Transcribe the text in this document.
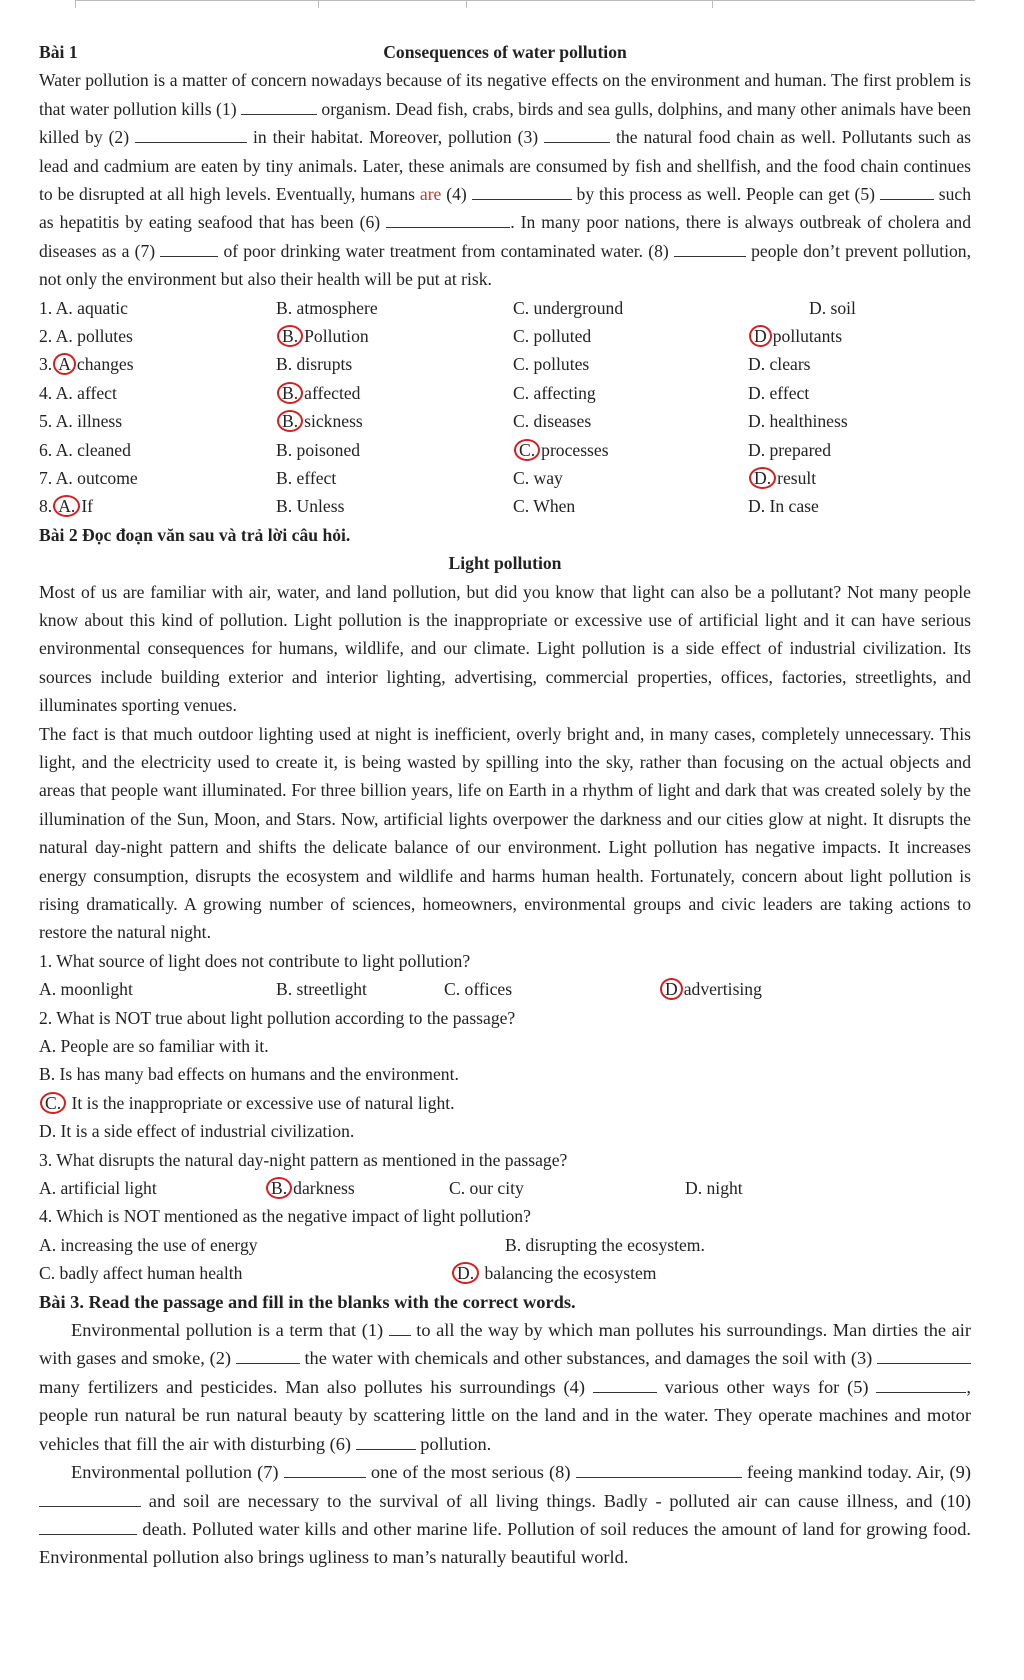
Consequences of water pollution
Bài 1
Water pollution is a matter of concern nowadays because of its negative effects on the environment and human. The first problem is that water pollution kills (1)	organism. Dead fish, crabs, birds and sea gulls, dolphins, and many other animals have been killed by (2)	in their habitat. Moreover, pollution (3)	the natural food chain as well. Pollutants such as lead and cadmium are eaten by tiny animals. Later, these animals are consumed by fish and shellfish, and the food chain continues to be disrupted at all high levels. Eventually, humans are (4)	by this process as well. People can get (5)	such as hepatitis by eating seafood that has been (6)	. In many poor nations, there is always outbreak of cholera and diseases as a (7)	of poor drinking water treatment from contaminated water. (8)	people don’t prevent pollution, not only the environment but also their health will be put at risk.
1. A. aquatic	B. atmosphere	C. underground	D. soil
2. A. pollutes	B. Pollution	C. polluted	D pollutants
3. A changes	B. disrupts	C. pollutes	D. clears
4. A. affect	B. affected	C. affecting	D. effect
5. A. illness	B. sickness	C. diseases	D. healthiness
6. A. cleaned	B. poisoned	C. processes	D. prepared
7. A. outcome	B. effect	C. way	D. result
8. A. If	B. Unless	C. When	D. In case
Bài 2 Đọc đoạn văn sau và trả lời câu hỏi.
Light pollution
Most of us are familiar with air, water, and land pollution, but did you know that light can also be a pollutant? Not many people know about this kind of pollution. Light pollution is the inappropriate or excessive use of artificial light and it can have serious environmental consequences for humans, wildlife, and our climate. Light pollution is a side effect of industrial civilization. Its sources include building exterior and interior lighting, advertising, commercial properties, offices, factories, streetlights, and illuminates sporting venues.
The fact is that much outdoor lighting used at night is inefficient, overly bright and, in many cases, completely unnecessary. This light, and the electricity used to create it, is being wasted by spilling into the sky, rather than focusing on the actual objects and areas that people want illuminated. For three billion years, life on Earth in a rhythm of light and dark that was created solely by the illumination of the Sun, Moon, and Stars. Now, artificial lights overpower the darkness and our cities glow at night. It disrupts the natural day-night pattern and shifts the delicate balance of our environment. Light pollution has negative impacts. It increases energy consumption, disrupts the ecosystem and wildlife and harms human health. Fortunately, concern about light pollution is rising dramatically. A growing number of sciences, homeowners, environmental groups and civic leaders are taking actions to restore the natural night.
1. What source of light does not contribute to light pollution?
A. moonlight	B. streetlight	C. offices	D advertising
2. What is NOT true about light pollution according to the passage?
A. People are so familiar with it.
B. Is has many bad effects on humans and the environment.
C. It is the inappropriate or excessive use of natural light.
D. It is a side effect of industrial civilization.
3. What disrupts the natural day-night pattern as mentioned in the passage?
A. artificial light	B. darkness	C. our city	D. night
4. Which is NOT mentioned as the negative impact of light pollution?
A. increasing the use of energy	B. disrupting the ecosystem.
C. badly affect human health	D. balancing the ecosystem
Bài 3. Read the passage and fill in the blanks with the correct words.
Environmental pollution is a term that (1)  to all the way by which man pollutes his surroundings. Man dirties the air with gases and smoke, (2)	the water with chemicals and other substances, and damages the soil with (3)  many fertilizers and pesticides. Man also pollutes his surroundings (4)	various other ways for (5)	, people run natural be run natural beauty by scattering little on the land and in the water. They operate machines and motor vehicles that fill the air with disturbing (6)	pollution.
Environmental pollution (7)	one of the most serious (8)	feeing mankind today. Air, (9)  and soil are necessary to the survival of all living things. Badly - polluted air can cause illness, and (10)  death. Polluted water kills and other marine life. Pollution of soil reduces the amount of land for growing food. Environmental pollution also brings ugliness to man’s naturally beautiful world.
